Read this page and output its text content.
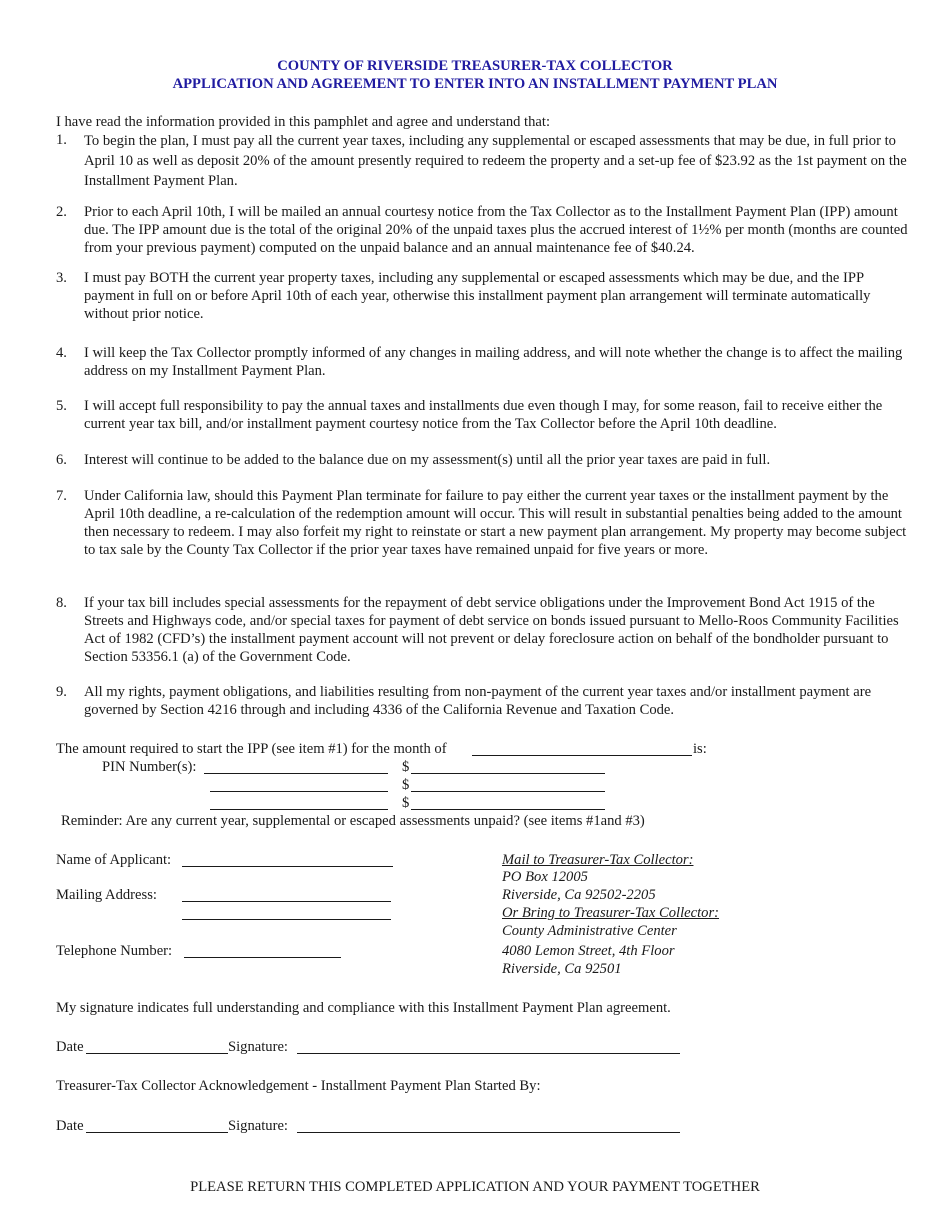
COUNTY OF RIVERSIDE TREASURER-TAX COLLECTOR
APPLICATION AND AGREEMENT TO ENTER INTO AN INSTALLMENT PAYMENT PLAN
I have read the information provided in this pamphlet and agree and understand that:
1. To begin the plan, I must pay all the current year taxes, including any supplemental or escaped assessments that may be due, in full prior to April 10 as well as deposit 20% of the amount presently required to redeem the property and a set-up fee of $23.92 as the 1st payment on the Installment Payment Plan.
2. Prior to each April 10th, I will be mailed an annual courtesy notice from the Tax Collector as to the Installment Payment Plan (IPP) amount due. The IPP amount due is the total of the original 20% of the unpaid taxes plus the accrued interest of 1½% per month (months are counted from your previous payment) computed on the unpaid balance and an annual maintenance fee of $40.24.
3. I must pay BOTH the current year property taxes, including any supplemental or escaped assessments which may be due, and the IPP payment in full on or before April 10th of each year, otherwise this installment payment plan arrangement will terminate automatically without prior notice.
4. I will keep the Tax Collector promptly informed of any changes in mailing address, and will note whether the change is to affect the mailing address on my Installment Payment Plan.
5. I will accept full responsibility to pay the annual taxes and installments due even though I may, for some reason, fail to receive either the current year tax bill, and/or installment payment courtesy notice from the Tax Collector before the April 10th deadline.
6. Interest will continue to be added to the balance due on my assessment(s) until all the prior year taxes are paid in full.
7. Under California law, should this Payment Plan terminate for failure to pay either the current year taxes or the installment payment by the April 10th deadline, a re-calculation of the redemption amount will occur. This will result in substantial penalties being added to the amount then necessary to redeem. I may also forfeit my right to reinstate or start a new payment plan arrangement. My property may become subject to tax sale by the County Tax Collector if the prior year taxes have remained unpaid for five years or more.
8. If your tax bill includes special assessments for the repayment of debt service obligations under the Improvement Bond Act 1915 of the Streets and Highways code, and/or special taxes for payment of debt service on bonds issued pursuant to Mello-Roos Community Facilities Act of 1982 (CFD’s) the installment payment account will not prevent or delay foreclosure action on behalf of the bondholder pursuant to Section 53356.1 (a) of the Government Code.
9. All my rights, payment obligations, and liabilities resulting from non-payment of the current year taxes and/or installment payment are governed by Section 4216 through and including 4336 of the California Revenue and Taxation Code.
The amount required to start the IPP (see item #1) for the month of	is:
PIN Number(s):	$
$
$
Reminder: Are any current year, supplemental or escaped assessments unpaid? (see items #1and #3)
Name of Applicant:
Mailing Address:
Telephone Number:
Mail to Treasurer-Tax Collector:
PO Box 12005
Riverside, Ca 92502-2205
Or Bring to Treasurer-Tax Collector:
County Administrative Center
4080 Lemon Street, 4th Floor
Riverside, Ca 92501
My signature indicates full understanding and compliance with this Installment Payment Plan agreement.
Date	Signature:
Treasurer-Tax Collector Acknowledgement - Installment Payment Plan Started By:
Date	Signature:
PLEASE RETURN THIS COMPLETED APPLICATION AND YOUR PAYMENT TOGETHER
